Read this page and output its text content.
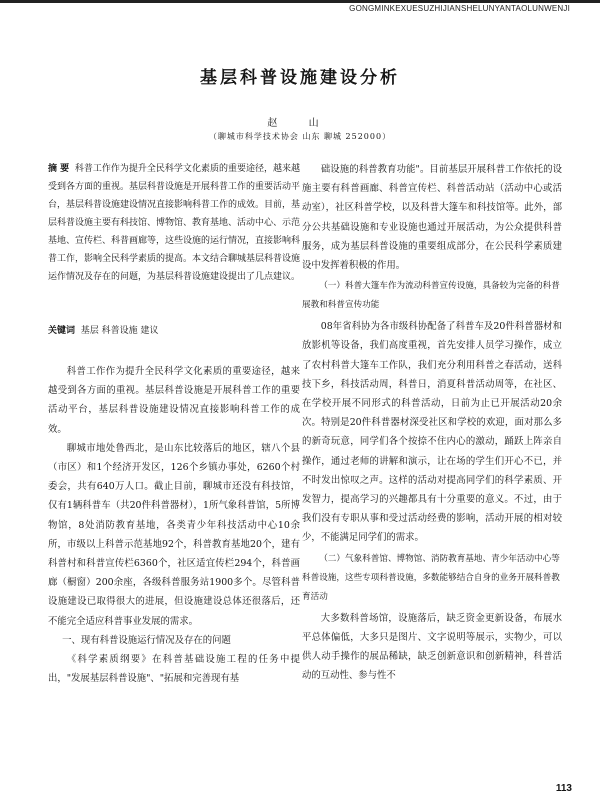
GONGMINKEXUESUZHIJIANSHELUNYANTAOLUNWENJI
基层科普设施建设分析
赵 山
（聊城市科学技术协会 山东 聊城 252000）
摘 要 科普工作作为提升全民科学文化素质的重要途径，越来越受到各方面的重视。基层科普设施是开展科普工作的重要活动平台，基层科普设施建设情况直接影响科普工作的成效。目前，基层科普设施主要有科技馆、博物馆、教育基地、活动中心、示范基地、宣传栏、科普画廊等，这些设施的运行情况，直接影响科普工作，影响全民科学素质的提高。本文结合聊城基层科普设施运作情况及存在的问题，为基层科普设施建设提出了几点建议。
关键词 基层 科普设施 建议

科普工作作为提升全民科学文化素质的重要途径，越来越受到各方面的重视。基层科普设施是开展科普工作的重要活动平台，基层科普设施建设情况直接影响科普工作的成效。

聊城市地处鲁西北，是山东比较落后的地区，辖八个县（市区）和1个经济开发区，126个乡镇办事处，6260个村委会，共有640万人口。截止目前，聊城市还没有科技馆，仅有1辆科普车（共20件科普器材），1所气象科普馆，5所博物馆，8处消防教育基地，各类青少年科技活动中心10余所，市级以上科普示范基地92个，科普教育基地20个，建有科普村和科普宣传栏6360个，社区适宜传栏294个，科普画廊（橱窗）200余座，各级科普服务站1900多个。尽管科普设施建设已取得很大的进展，但设施建设总体还很落后，还不能完全适应科普事业发展的需求。

一、现有科普设施运行情况及存在的问题

《科学素质纲要》在科普基础设施工程的任务中提出，"发展基层科普设施"、"拓展和完善现有基

础设施的科普教育功能"。目前基层开展科普工作依托的设施主要有科普画廊、科普宣传栏、科普活动站（活动中心或活动室），社区科普学校，以及科普大篷车和科技馆等。此外，部分公共基础设施和专业设施也通过开展活动，为公众提供科普服务，成为基层科普设施的重要组成部分，在公民科学素质建设中发挥着积极的作用。

（一）科普大篷车作为流动科普宣传设施，具备较为完备的科普展教和科普宣传功能

08年省科协为各市级科协配备了科普车及20件科普器材和放影机等设备，我们高度重视，首先安排人员学习操作，成立了农村科普大篷车工作队，我们充分利用科普之春活动，送科技下乡，科技活动周，科普日，消夏科普活动周等，在社区、在学校开展不同形式的科普活动，日前为止已开展活动20余次。特别是20件科普器材深受社区和学校的欢迎，面对那么多的新奇玩意，同学们各个按捺不住内心的激动，踊跃上阵亲自操作，通过老师的讲解和演示，让在场的学生们开心不已，并不时发出惊叹之声。这样的活动对提高同学们的科学素质、开发智力，提高学习的兴趣都具有十分重要的意义。不过，由于我们没有专职从事和受过活动经费的影响，活动开展的相对较少，不能满足同学们的需求。

（二）气象科普馆、博物馆、消防教育基地、青少年活动中心等科普设施，这些专项科普设施，多数能够结合自身的业务开展科普教育活动

大多数科普场馆，设施落后，缺乏资金更新设备，布展水平总体偏低，大多只是图片、文字说明等展示，实物少，可以供人动手操作的展品稀缺，缺乏创新意识和创新精神，科普活动的互动性、参与性不

113
